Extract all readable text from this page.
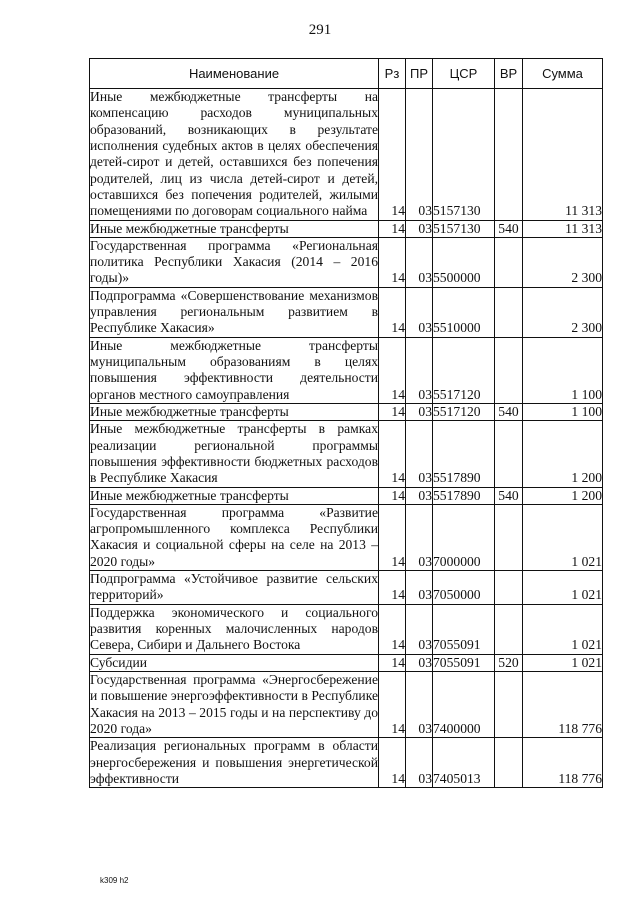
291
Наименование	Рз	ПР	ЦСР	ВР	Сумма
Иные межбюджетные трансферты на компенсацию расходов муниципальных образований, возникающих в результате исполнения судебных актов в целях обеспечения детей-сирот и детей, оставшихся без попечения родителей, лиц из числа детей-сирот и детей, оставшихся без попечения родителей, жилыми помещениями по договорам социального найма	14	03	5157130		11 313
Иные межбюджетные трансферты	14	03	5157130	540	11 313
Государственная программа «Региональная политика Республики Хакасия (2014 – 2016 годы)»	14	03	5500000		2 300
Подпрограмма «Совершенствование механизмов управления региональным развитием в Республике Хакасия»	14	03	5510000		2 300
Иные межбюджетные трансферты муниципальным образованиям в целях повышения эффективности деятельности органов местного самоуправления	14	03	5517120		1 100
Иные межбюджетные трансферты	14	03	5517120	540	1 100
Иные межбюджетные трансферты в рамках реализации региональной программы повышения эффективности бюджетных расходов в Республике Хакасия	14	03	5517890		1 200
Иные межбюджетные трансферты	14	03	5517890	540	1 200
Государственная программа «Развитие агропромышленного комплекса Республики Хакасия и социальной сферы на селе на 2013 – 2020 годы»	14	03	7000000		1 021
Подпрограмма «Устойчивое развитие сельских территорий»	14	03	7050000		1 021
Поддержка экономического и социального развития коренных малочисленных народов Севера, Сибири и Дальнего Востока	14	03	7055091		1 021
Субсидии	14	03	7055091	520	1 021
Государственная программа «Энергосбережение и повышение энергоэффективности в Республике Хакасия на 2013 – 2015 годы и на перспективу до 2020 года»	14	03	7400000		118 776
Реализация региональных программ в области энергосбережения и повышения энергетической эффективности	14	03	7405013		118 776
k309 h2
